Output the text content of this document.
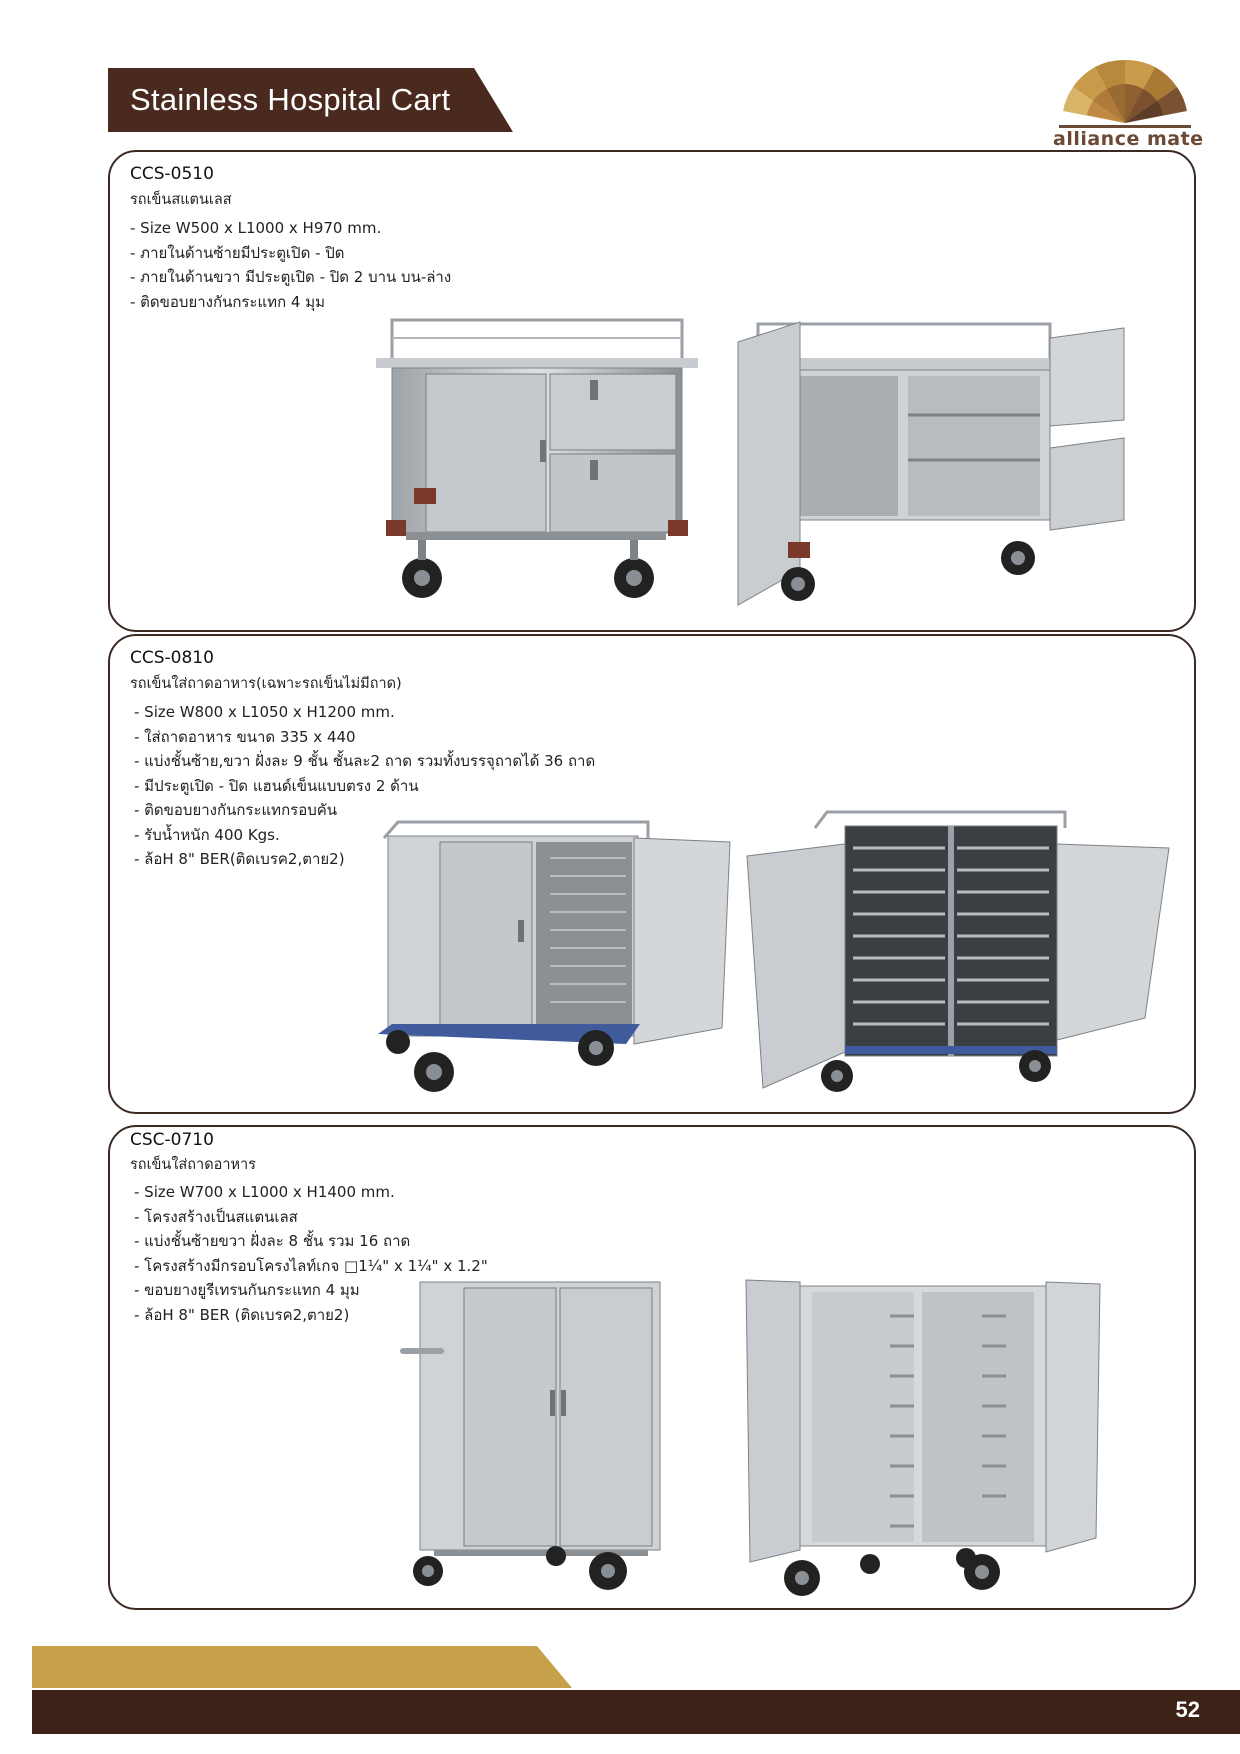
Stainless Hospital Cart
alliance mate
CCS-0510
รถเข็นสแตนเลส
- Size W500 x L1000 x H970 mm.
- ภายในด้านซ้ายมีประตูเปิด - ปิด
- ภายในด้านขวา มีประตูเปิด - ปิด 2 บาน บน-ล่าง
- ติดขอบยางกันกระแทก 4 มุม
CCS-0810
รถเข็นใส่ถาดอาหาร(เฉพาะรถเข็นไม่มีถาด)
- Size W800 x L1050 x H1200 mm.
- ใส่ถาดอาหาร ขนาด 335 x 440
- แบ่งชั้นซ้าย,ขวา ฝั่งละ 9 ชั้น ชั้นละ2 ถาด รวมทั้งบรรจุถาดได้ 36 ถาด
- มีประตูเปิด - ปิด แฮนด์เข็นแบบตรง 2 ด้าน
- ติดขอบยางกันกระแทกรอบคัน
- รับน้ำหนัก 400 Kgs.
- ล้อH 8" BER(ติดเบรค2,ตาย2)
CSC-0710
รถเข็นใส่ถาดอาหาร
- Size W700 x L1000 x H1400 mm.
- โครงสร้างเป็นสแตนเลส
- แบ่งชั้นซ้ายขวา ฝั่งละ 8 ชั้น รวม 16 ถาด
- โครงสร้างมีกรอบโครงไลท์เกจ □1¼" x 1¼" x 1.2"
- ขอบยางยูรีเทรนกันกระแทก 4 มุม
- ล้อH 8" BER (ติดเบรค2,ตาย2)
52
